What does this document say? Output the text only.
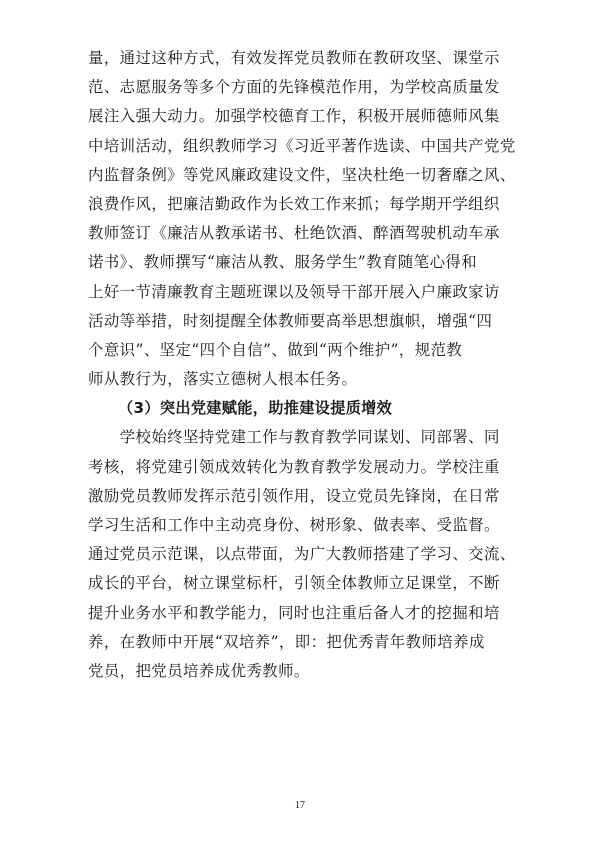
量，通过这种方式，有效发挥党员教师在教研攻坚、课堂示
范、志愿服务等多个方面的先锋模范作用，为学校高质量发
展注入强大动力。加强学校德育工作，积极开展师德师风集
中培训活动，组织教师学习《习近平著作选读、中国共产党党
内监督条例》等党风廉政建设文件，坚决杜绝一切奢靡之风、
浪费作风，把廉洁勤政作为长效工作来抓；每学期开学组织
教师签订《廉洁从教承诺书、杜绝饮酒、醉酒驾驶机动车承
诺书》、教师撰写“廉洁从教、服务学生”教育随笔心得和
上好一节清廉教育主题班课以及领导干部开展入户廉政家访
活动等举措，时刻提醒全体教师要高举思想旗帜，增强“四
个意识”、坚定“四个自信”、做到“两个维护”，规范教
师从教行为，落实立德树人根本任务。
（3）突出党建赋能，助推建设提质增效
　　学校始终坚持党建工作与教育教学同谋划、同部署、同
考核，将党建引领成效转化为教育教学发展动力。学校注重
激励党员教师发挥示范引领作用，设立党员先锋岗，在日常
学习生活和工作中主动亮身份、树形象、做表率、受监督。
通过党员示范课，以点带面，为广大教师搭建了学习、交流、
成长的平台，树立课堂标杆，引领全体教师立足课堂，不断
提升业务水平和教学能力，同时也注重后备人才的挖掘和培
养，在教师中开展“双培养”，即：把优秀青年教师培养成
党员，把党员培养成优秀教师。
17
